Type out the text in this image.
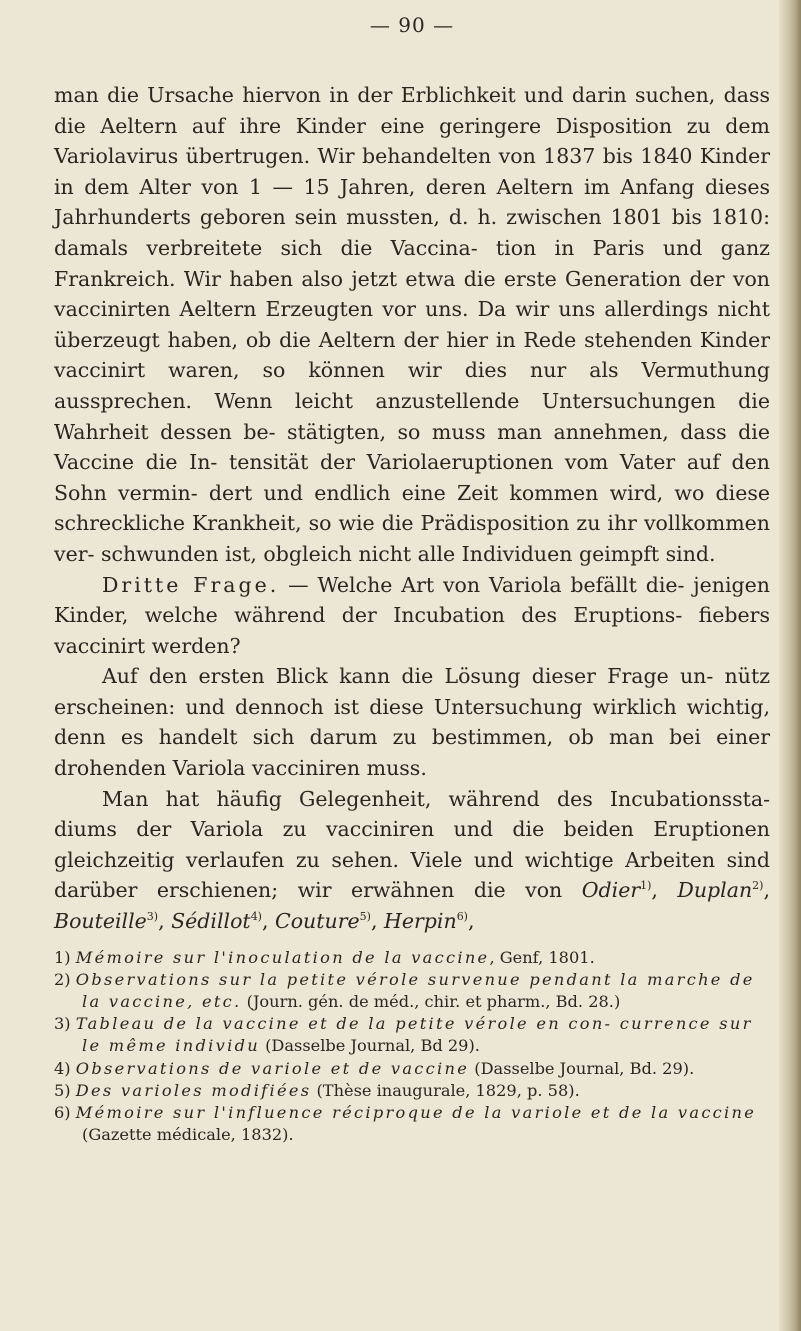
— 90 —

man die Ursache hiervon in der Erblichkeit und darin suchen, dass die Aeltern auf ihre Kinder eine geringere Disposition zu dem Variolavirus übertrugen. Wir behandelten von 1837 bis 1840 Kinder in dem Alter von 1 — 15 Jahren, deren Aeltern im Anfang dieses Jahrhunderts geboren sein mussten, d. h. zwischen 1801 bis 1810: damals verbreitete sich die Vaccina- tion in Paris und ganz Frankreich. Wir haben also jetzt etwa die erste Generation der von vaccinirten Aeltern Erzeugten vor uns. Da wir uns allerdings nicht überzeugt haben, ob die Aeltern der hier in Rede stehenden Kinder vaccinirt waren, so können wir dies nur als Vermuthung aussprechen. Wenn leicht anzustellende Untersuchungen die Wahrheit dessen be- stätigten, so muss man annehmen, dass die Vaccine die In- tensität der Variolaeruptionen vom Vater auf den Sohn vermin- dert und endlich eine Zeit kommen wird, wo diese schreckliche Krankheit, so wie die Prädisposition zu ihr vollkommen ver- schwunden ist, obgleich nicht alle Individuen geimpft sind.

Dritte Frage. — Welche Art von Variola befällt die- jenigen Kinder, welche während der Incubation des Eruptions- fiebers vaccinirt werden?

Auf den ersten Blick kann die Lösung dieser Frage un- nütz erscheinen: und dennoch ist diese Untersuchung wirklich wichtig, denn es handelt sich darum zu bestimmen, ob man bei einer drohenden Variola vacciniren muss.

Man hat häufig Gelegenheit, während des Incubationssta- diums der Variola zu vacciniren und die beiden Eruptionen gleichzeitig verlaufen zu sehen. Viele und wichtige Arbeiten sind darüber erschienen; wir erwähnen die von Odier$^{1)}$, Duplan$^{2)}$, Bouteille$^{3)}$, Sédillot$^{4)}$, Couture$^{5)}$, Herpin$^{6)}$,

1) Mémoire sur l'inoculation de la vaccine, Genf, 1801.

2) Observations sur la petite vérole survenue pendant la marche de la vaccine, etc. (Journ. gén. de méd., chir. et pharm., Bd. 28.)

3) Tableau de la vaccine et de la petite vérole en con- currence sur le même individu (Dasselbe Journal, Bd 29).

4) Observations de variole et de vaccine (Dasselbe Journal, Bd. 29).

5) Des varioles modifiées (Thèse inaugurale, 1829, p. 58).

6) Mémoire sur l'influence réciproque de la variole et de la vaccine (Gazette médicale, 1832).
